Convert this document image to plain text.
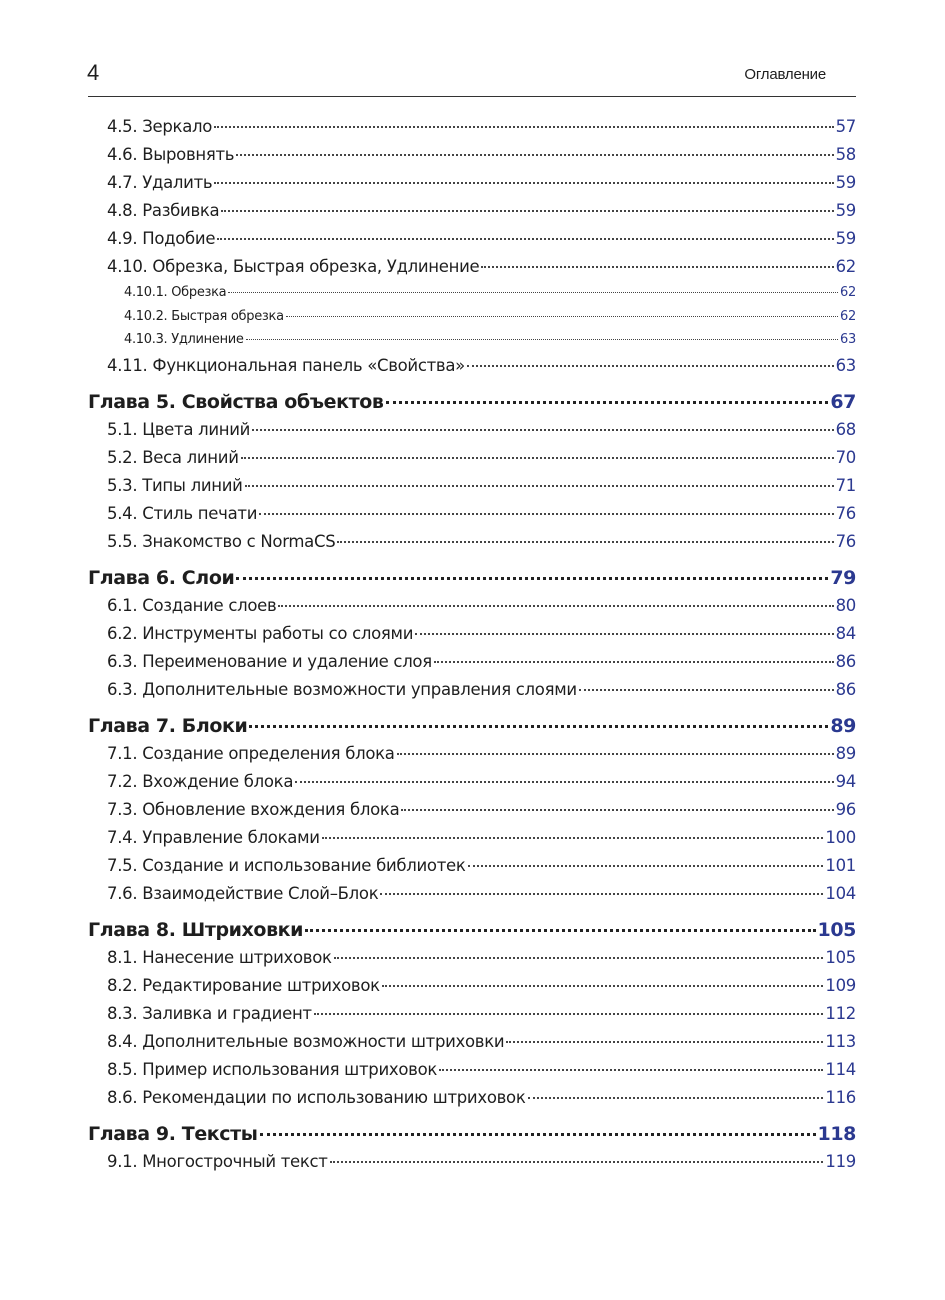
4	Оглавление
4.5. Зеркало	57
4.6. Выровнять	58
4.7. Удалить	59
4.8. Разбивка	59
4.9. Подобие	59
4.10. Обрезка, Быстрая обрезка, Удлинение	62
4.10.1. Обрезка	62
4.10.2. Быстрая обрезка	62
4.10.3. Удлинение	63
4.11. Функциональная панель «Свойства»	63
Глава 5. Свойства объектов	67
5.1. Цвета линий	68
5.2. Веса линий	70
5.3. Типы линий	71
5.4. Стиль печати	76
5.5. Знакомство с NormaCS	76
Глава 6. Слои	79
6.1. Создание слоев	80
6.2. Инструменты работы со слоями	84
6.3. Переименование и удаление слоя	86
6.3. Дополнительные возможности управления слоями	86
Глава 7. Блоки	89
7.1. Создание определения блока	89
7.2. Вхождение блока	94
7.3. Обновление вхождения блока	96
7.4. Управление блоками	100
7.5. Создание и использование библиотек	101
7.6. Взаимодействие Слой–Блок	104
Глава 8. Штриховки	105
8.1. Нанесение штриховок	105
8.2. Редактирование штриховок	109
8.3. Заливка и градиент	112
8.4. Дополнительные возможности штриховки	113
8.5. Пример использования штриховок	114
8.6. Рекомендации по использованию штриховок	116
Глава 9. Тексты	118
9.1. Многострочный текст	119
